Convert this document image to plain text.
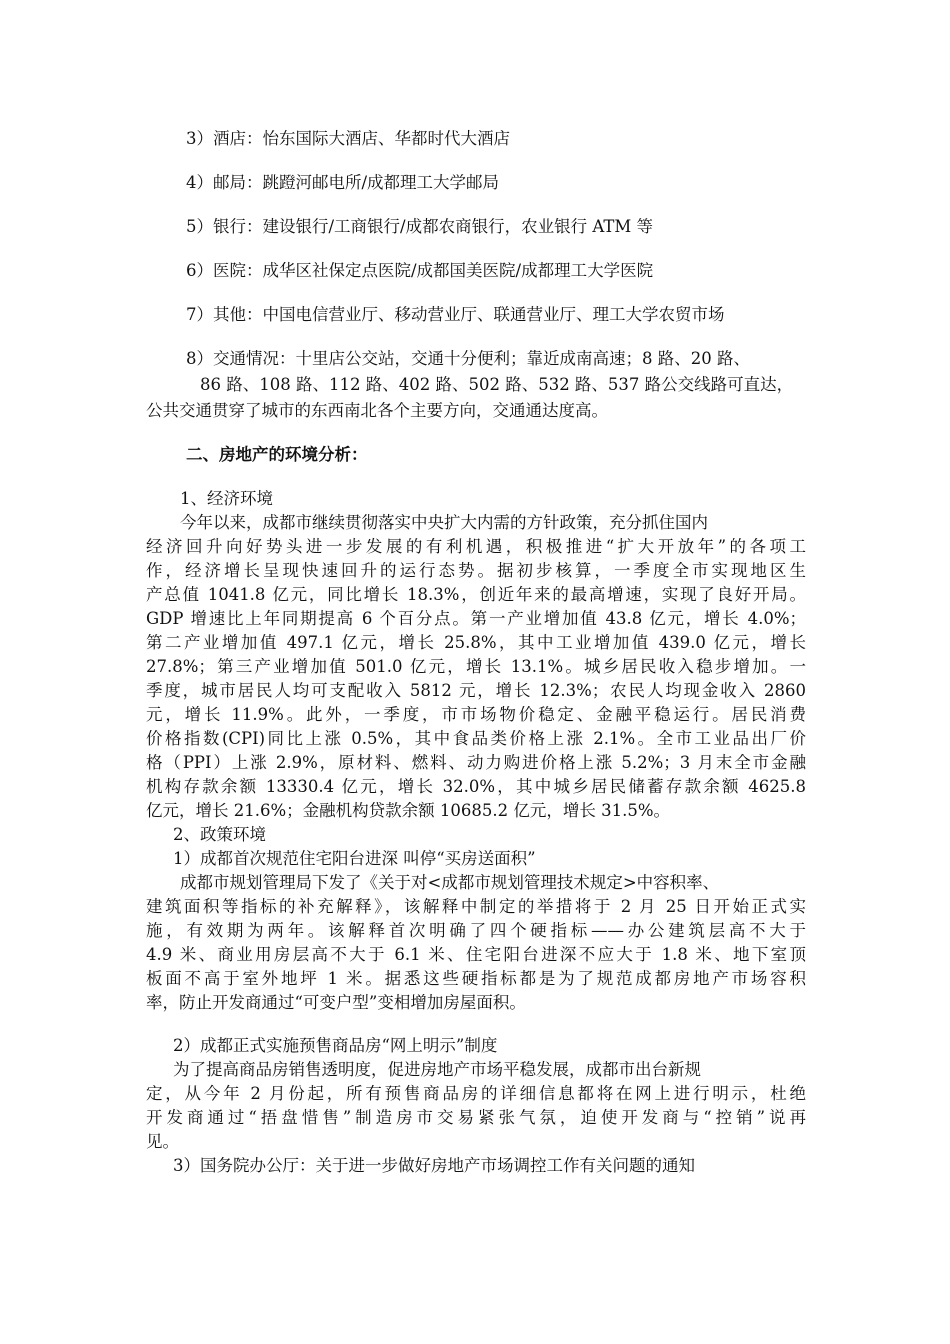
3）酒店：怡东国际大酒店、华都时代大酒店
4）邮局：跳蹬河邮电所/成都理工大学邮局
5）银行：建设银行/工商银行/成都农商银行，农业银行 ATM 等
6）医院：成华区社保定点医院/成都国美医院/成都理工大学医院
7）其他：中国电信营业厅、移动营业厅、联通营业厅、理工大学农贸市场
8）交通情况：十里店公交站，交通十分便利；靠近成南高速；8 路、20 路、
86 路、108 路、112 路、402 路、502 路、532 路、537 路公交线路可直达，
公共交通贯穿了城市的东西南北各个主要方向，交通通达度高。
二、房地产的环境分析：
1、经济环境
今年以来，成都市继续贯彻落实中央扩大内需的方针政策，充分抓住国内
经济回升向好势头进一步发展的有利机遇，积极推进“扩大开放年”的各项工
作，经济增长呈现快速回升的运行态势。据初步核算，一季度全市实现地区生
产总值 1041.8 亿元，同比增长 18.3%，创近年来的最高增速，实现了良好开局。
GDP 增速比上年同期提高 6 个百分点。第一产业增加值 43.8 亿元，增长 4.0%；
第二产业增加值 497.1 亿元，增长 25.8%，其中工业增加值 439.0 亿元，增长
27.8%；第三产业增加值 501.0 亿元，增长 13.1%。城乡居民收入稳步增加。一
季度，城市居民人均可支配收入 5812 元，增长 12.3%；农民人均现金收入 2860
元，增长 11.9%。此外，一季度，市市场物价稳定、金融平稳运行。居民消费
价格指数(CPI)同比上涨 0.5%，其中食品类价格上涨 2.1%。全市工业品出厂价
格（PPI）上涨 2.9%，原材料、燃料、动力购进价格上涨 5.2%；3 月末全市金融
机构存款余额 13330.4 亿元，增长 32.0%，其中城乡居民储蓄存款余额 4625.8
亿元，增长 21.6%；金融机构贷款余额 10685.2 亿元，增长 31.5%。
2、政策环境
1）成都首次规范住宅阳台进深 叫停“买房送面积”
成都市规划管理局下发了《关于对<成都市规划管理技术规定>中容积率、
建筑面积等指标的补充解释》，该解释中制定的举措将于 2 月 25 日开始正式实
施，有效期为两年。该解释首次明确了四个硬指标——办公建筑层高不大于
4.9 米、商业用房层高不大于 6.1 米、住宅阳台进深不应大于 1.8 米、地下室顶
板面不高于室外地坪 1 米。据悉这些硬指标都是为了规范成都房地产市场容积
率，防止开发商通过“可变户型”变相增加房屋面积。
2）成都正式实施预售商品房“网上明示”制度
为了提高商品房销售透明度，促进房地产市场平稳发展，成都市出台新规
定，从今年 2 月份起，所有预售商品房的详细信息都将在网上进行明示，杜绝
开发商通过“捂盘惜售”制造房市交易紧张气氛，迫使开发商与“控销”说再
见。
3）国务院办公厅：关于进一步做好房地产市场调控工作有关问题的通知
